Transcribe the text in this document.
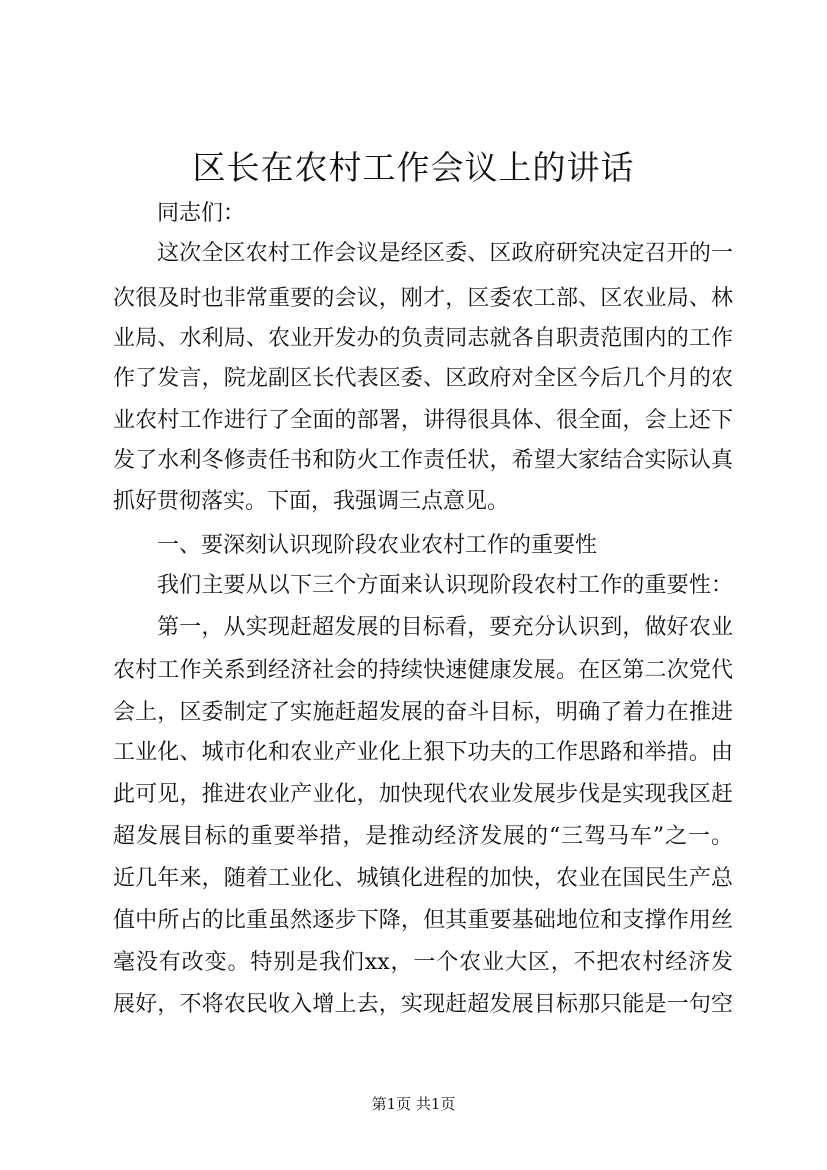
区长在农村工作会议上的讲话
同志们：
这次全区农村工作会议是经区委、区政府研究决定召开的一
次很及时也非常重要的会议，刚才，区委农工部、区农业局、林
业局、水利局、农业开发办的负责同志就各自职责范围内的工作
作了发言，院龙副区长代表区委、区政府对全区今后几个月的农
业农村工作进行了全面的部署，讲得很具体、很全面，会上还下
发了水利冬修责任书和防火工作责任状，希望大家结合实际认真
抓好贯彻落实。下面，我强调三点意见。
一、要深刻认识现阶段农业农村工作的重要性
我们主要从以下三个方面来认识现阶段农村工作的重要性：
第一，从实现赶超发展的目标看，要充分认识到，做好农业
农村工作关系到经济社会的持续快速健康发展。在区第二次党代
会上，区委制定了实施赶超发展的奋斗目标，明确了着力在推进
工业化、城市化和农业产业化上狠下功夫的工作思路和举措。由
此可见，推进农业产业化，加快现代农业发展步伐是实现我区赶
超发展目标的重要举措，是推动经济发展的“三驾马车”之一。
近几年来，随着工业化、城镇化进程的加快，农业在国民生产总
值中所占的比重虽然逐步下降，但其重要基础地位和支撑作用丝
毫没有改变。特别是我们xx，一个农业大区，不把农村经济发
展好，不将农民收入增上去，实现赶超发展目标那只能是一句空
第1页 共1页
